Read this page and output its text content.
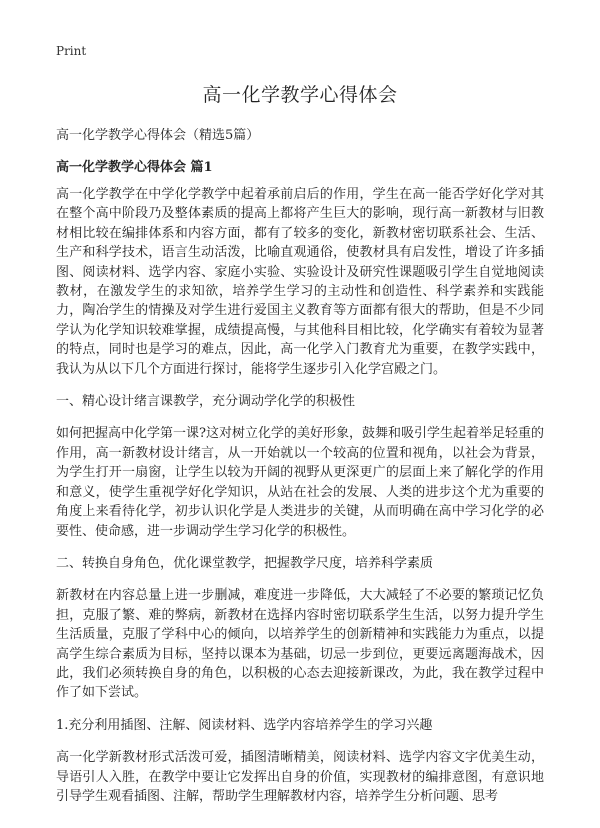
Print
高一化学教学心得体会
高一化学教学心得体会（精选5篇）
高一化学教学心得体会 篇1

高一化学教学在中学化学教学中起着承前启后的作用，学生在高一能否学好化学对其在整个高中阶段乃及整体素质的提高上都将产生巨大的影响，现行高一新教材与旧教材相比较在编排体系和内容方面，都有了较多的变化，新教材密切联系社会、生活、生产和科学技术，语言生动活泼，比喻直观通俗，使教材具有启发性，增设了许多插图、阅读材料、选学内容、家庭小实验、实验设计及研究性课题吸引学生自觉地阅读教材，在激发学生的求知欲，培养学生学习的主动性和创造性、科学素养和实践能力，陶冶学生的情操及对学生进行爱国主义教育等方面都有很大的帮助，但是不少同学认为化学知识较难掌握，成绩提高慢，与其他科目相比较，化学确实有着较为显著的特点，同时也是学习的难点，因此，高一化学入门教育尤为重要，在教学实践中，我认为从以下几个方面进行探讨，能将学生逐步引入化学宫殿之门。

一、精心设计绪言课教学，充分调动学化学的积极性

如何把握高中化学第一课?这对树立化学的美好形象，鼓舞和吸引学生起着举足轻重的作用，高一新教材设计绪言，从一开始就以一个较高的位置和视角，以社会为背景，为学生打开一扇窗，让学生以较为开阔的视野从更深更广的层面上来了解化学的作用和意义，使学生重视学好化学知识，从站在社会的发展、人类的进步这个尤为重要的角度上来看待化学，初步认识化学是人类进步的关键，从而明确在高中学习化学的必要性、使命感，进一步调动学生学习化学的积极性。

二、转换自身角色，优化课堂教学，把握教学尺度，培养科学素质

新教材在内容总量上进一步删减，难度进一步降低，大大减轻了不必要的繁琐记忆负担，克服了繁、难的弊病，新教材在选择内容时密切联系学生生活，以努力提升学生生活质量，克服了学科中心的倾向，以培养学生的创新精神和实践能力为重点，以提高学生综合素质为目标，坚持以课本为基础，切忌一步到位，更要远离题海战术，因此，我们必须转换自身的角色，以积极的心态去迎接新课改，为此，我在教学过程中作了如下尝试。

1.充分利用插图、注解、阅读材料、选学内容培养学生的学习兴趣

高一化学新教材形式活泼可爱，插图清晰精美，阅读材料、选学内容文字优美生动，导语引人入胜，在教学中要让它发挥出自身的价值，实现教材的编排意图，有意识地引导学生观看插图、注解，帮助学生理解教材内容，培养学生分析问题、思考
